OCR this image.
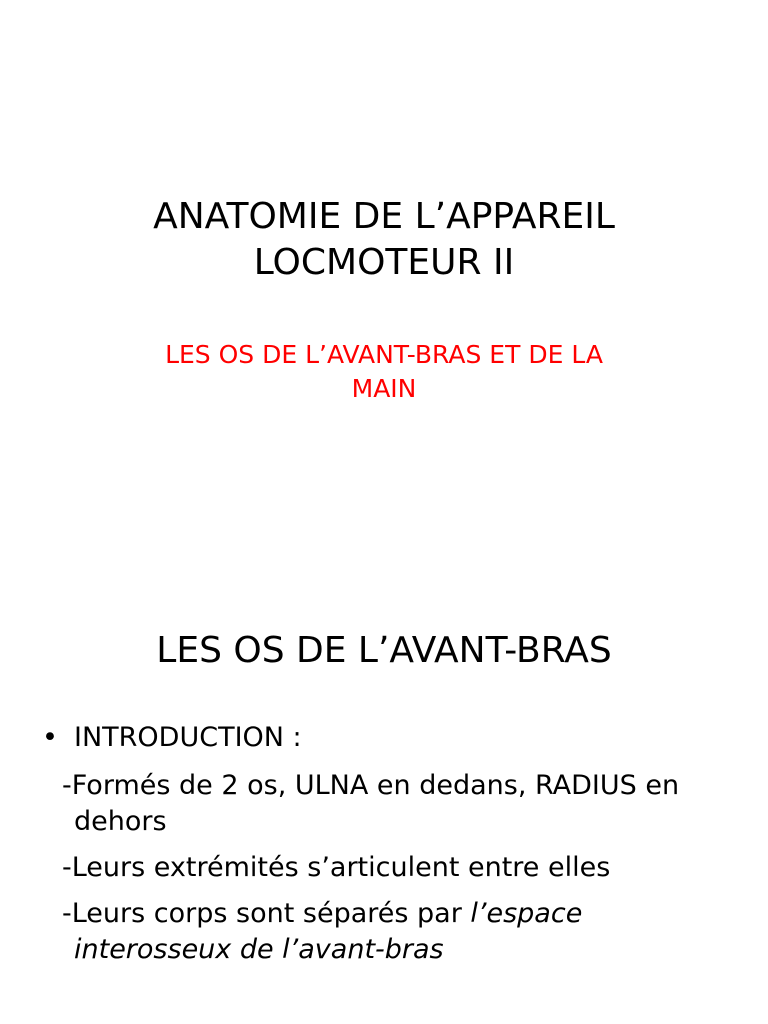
ANATOMIE DE L’APPAREIL
LOCMOTEUR II

LES OS DE L’AVANT-BRAS ET DE LA
MAIN

LES OS DE L’AVANT-BRAS
• INTRODUCTION :
-Formés de 2 os, ULNA en dedans, RADIUS en dehors
-Leurs extrémités s’articulent entre elles
-Leurs corps sont séparés par l’espace interosseux de l’avant-bras
